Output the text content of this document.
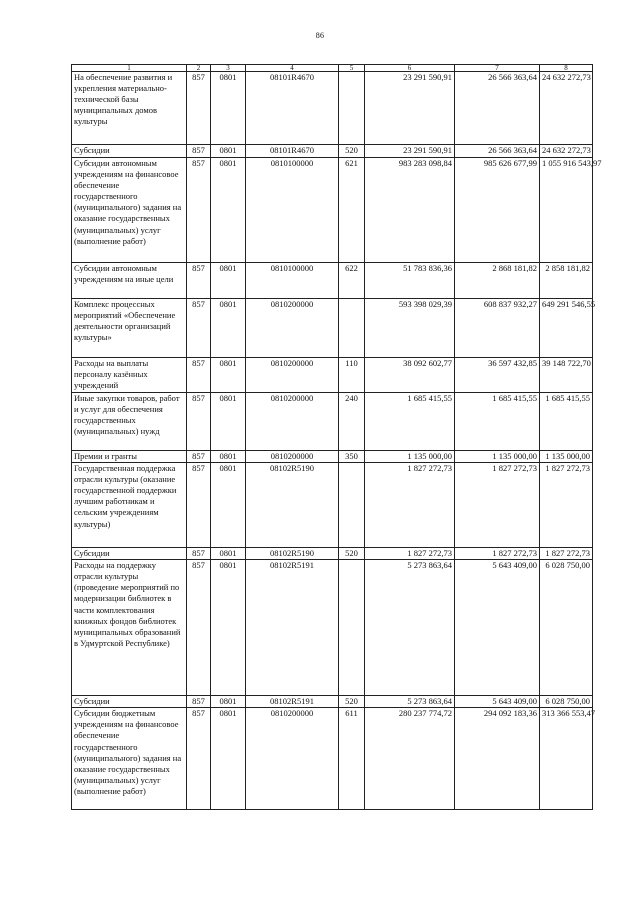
86
1	2	3	4	5	6	7	8
На обеспечение развития и укрепления материально-технической базы муниципальных домов культуры	857	0801	08101R4670		23 291 590,91	26 566 363,64	24 632 272,73
Субсидии	857	0801	08101R4670	520	23 291 590,91	26 566 363,64	24 632 272,73
Субсидии автономным учреждениям на финансовое обеспечение государственного (муниципального) задания на оказание государственных (муниципальных) услуг (выполнение работ)	857	0801	0810100000	621	983 283 098,84	985 626 677,99	1 055 916 543,97
Субсидии автономным учреждениям на иные цели	857	0801	0810100000	622	51 783 836,36	2 868 181,82	2 858 181,82
Комплекс процессных мероприятий «Обеспечение деятельности организаций культуры»	857	0801	0810200000		593 398 029,39	608 837 932,27	649 291 546,55
Расходы на выплаты персоналу казённых учреждений	857	0801	0810200000	110	38 092 602,77	36 597 432,85	39 148 722,70
Иные закупки товаров, работ и услуг для обеспечения государственных (муниципальных) нужд	857	0801	0810200000	240	1 685 415,55	1 685 415,55	1 685 415,55
Премии и гранты	857	0801	0810200000	350	1 135 000,00	1 135 000,00	1 135 000,00
Государственная поддержка отрасли культуры (оказание государственной поддержки лучшим работникам и сельским учреждениям культуры)	857	0801	08102R5190		1 827 272,73	1 827 272,73	1 827 272,73
Субсидии	857	0801	08102R5190	520	1 827 272,73	1 827 272,73	1 827 272,73
Расходы на поддержку отрасли культуры (проведение мероприятий по модернизации библиотек в части комплектования книжных фондов библиотек муниципальных образований в Удмуртской Республике)	857	0801	08102R5191		5 273 863,64	5 643 409,00	6 028 750,00
Субсидии	857	0801	08102R5191	520	5 273 863,64	5 643 409,00	6 028 750,00
Субсидии бюджетным учреждениям на финансовое обеспечение государственного (муниципального) задания на оказание государственных (муниципальных) услуг (выполнение работ)	857	0801	0810200000	611	280 237 774,72	294 092 183,36	313 366 553,47
